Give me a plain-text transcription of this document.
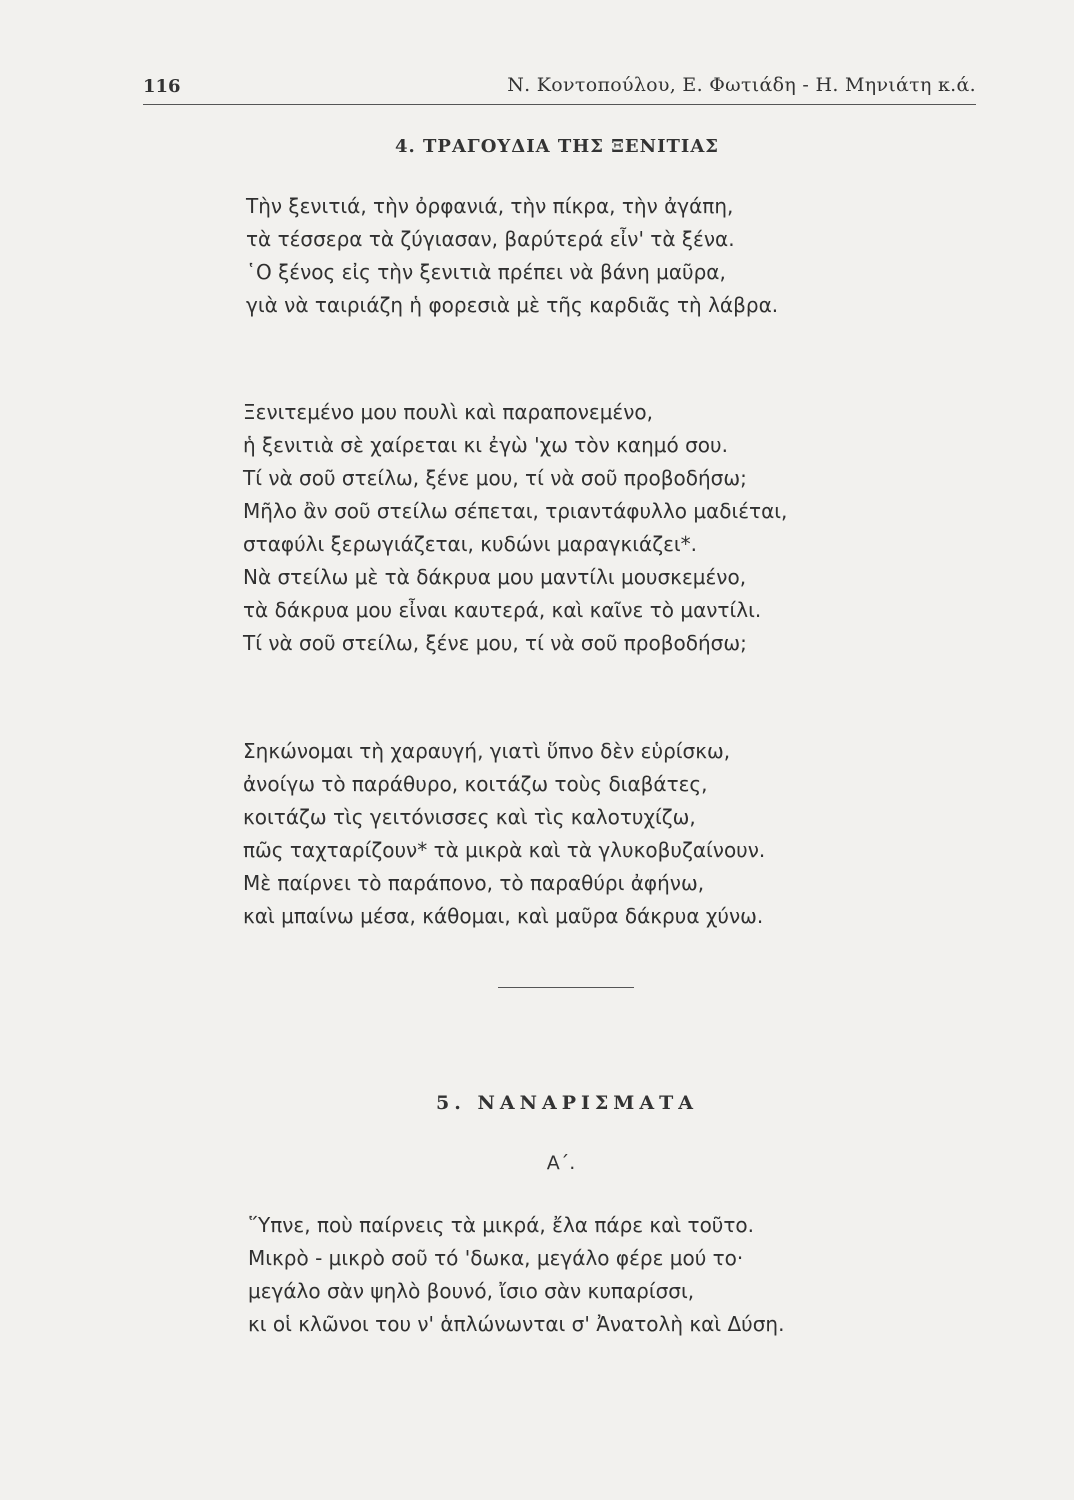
116	Ν. Κοντοπούλου, Ε. Φωτιάδη - Η. Μηνιάτη κ.ά.
4. ΤΡΑΓΟΥΔΙΑ ΤΗΣ ΞΕΝΙΤΙΑΣ
Τὴν ξενιτιά, τὴν ὀρφανιά, τὴν πίκρα, τὴν ἀγάπη,
τὰ τέσσερα τὰ ζύγιασαν, βαρύτερά εἶν' τὰ ξένα.
῾Ο ξένος εἰς τὴν ξενιτιὰ πρέπει νὰ βάνη μαῦρα,
γιὰ νὰ ταιριάζη ἡ φορεσιὰ μὲ τῆς καρδιᾶς τὴ λάβρα.
Ξενιτεμένο μου πουλὶ καὶ παραπονεμένο,
ἡ ξενιτιὰ σὲ χαίρεται κι ἐγὼ 'χω τὸν καημό σου.
Τί νὰ σοῦ στείλω, ξένε μου, τί νὰ σοῦ προβοδήσω;
Μῆλο ἂν σοῦ στείλω σέπεται, τριαντάφυλλο μαδιέται,
σταφύλι ξερωγιάζεται, κυδώνι μαραγκιάζει*.
Νὰ στείλω μὲ τὰ δάκρυα μου μαντίλι μουσκεμένο,
τὰ δάκρυα μου εἶναι καυτερά, καὶ καῖνε τὸ μαντίλι.
Τί νὰ σοῦ στείλω, ξένε μου, τί νὰ σοῦ προβοδήσω;
Σηκώνομαι τὴ χαραυγή, γιατὶ ὕπνο δὲν εὑρίσκω,
ἀνοίγω τὸ παράθυρο, κοιτάζω τοὺς διαβάτες,
κοιτάζω τὶς γειτόνισσες καὶ τὶς καλοτυχίζω,
πῶς ταχταρίζουν* τὰ μικρὰ καὶ τὰ γλυκοβυζαίνουν.
Μὲ παίρνει τὸ παράπονο, τὸ παραθύρι ἀφήνω,
καὶ μπαίνω μέσα, κάθομαι, καὶ μαῦρα δάκρυα χύνω.
5. ΝΑΝΑΡΙΣΜΑΤΑ
Α΄.
῞Υπνε, ποὺ παίρνεις τὰ μικρά, ἔλα πάρε καὶ τοῦτο.
Μικρὸ - μικρὸ σοῦ τό 'δωκα, μεγάλο φέρε μού το·
μεγάλο σὰν ψηλὸ βουνό, ἴσιο σὰν κυπαρίσσι,
κι οἱ κλῶνοι του ν' ἁπλώνωνται σ' Ἀνατολὴ καὶ Δύση.
